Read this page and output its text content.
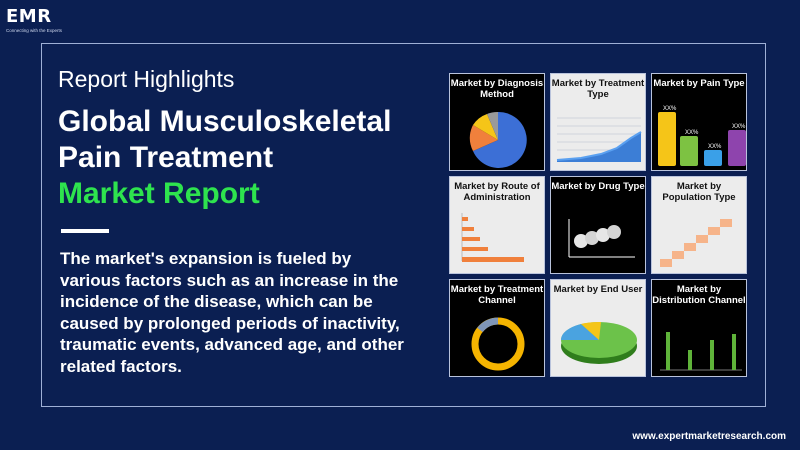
EMR
Connecting with the Experts
Report Highlights
Global Musculoskeletal
Pain Treatment
Market Report
The market's expansion is fueled by various factors such as an increase in the incidence of the disease, which can be caused by prolonged periods of inactivity, traumatic events, advanced age, and other related factors.
Market by Diagnosis Method
Market by Treatment Type
Market by Pain Type
XX%
XX%
XX%
XX%
Market by Route of Administration
Market by Drug Type	Market by Population Type
Market by Treatment Channel
Market by End User	Market by Distribution Channel
www.expertmarketresearch.com
